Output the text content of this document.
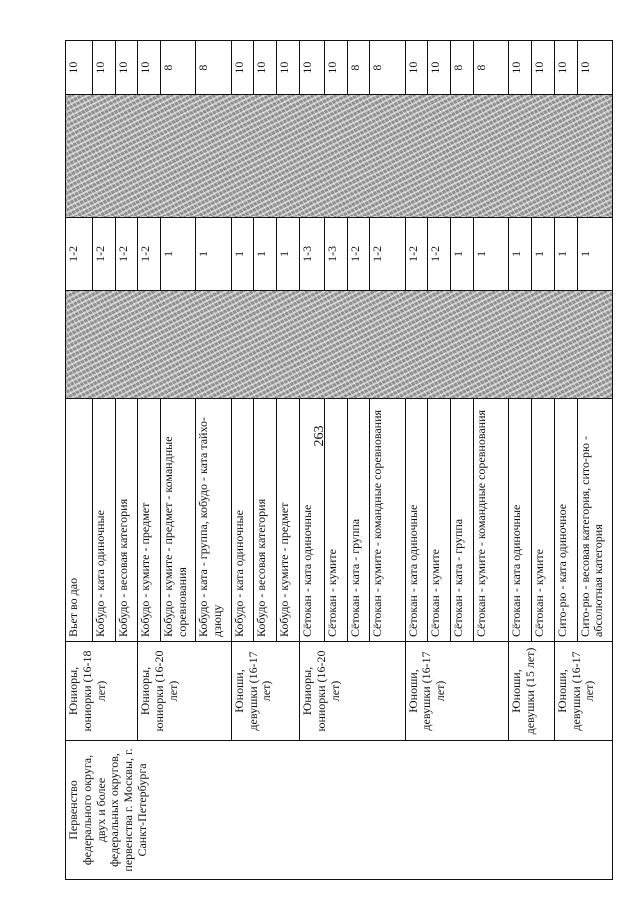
263
Первенство федерального округа, двух и более федеральных округов, первенства г. Москвы, г. Санкт-Петербурга	Юниоры, юниорки (16-18 лет)	Вьет во дао		1-2		10
		Кобудо - ката одиночные		1-2		10
		Кобудо - весовая категория		1-2		10
	Юниоры, юниорки (16-20 лет)	Кобудо - кумите - предмет		1-2		10
		Кобудо - кумите - предмет - командные соревнования		1		8
		Кобудо - ката - группа, кобудо - ката тайхо-дзюцу		1		8
	Юноши, девушки (16-17 лет)	Кобудо - ката одиночные		1		10
		Кобудо - весовая категория		1		10
		Кобудо - кумите - предмет		1		10
	Юниоры, юниорки (16-20 лет)	Сётокан - ката одиночные		1-3		10
		Сётокан - кумите		1-3		10
		Сётокан - ката - группа		1-2		8
		Сётокан - кумите - командные соревнования		1-2		8
	Юноши, девушки (16-17 лет)	Сётокан - ката одиночные		1-2		10
		Сётокан - кумите		1-2		10
		Сётокан - ката - группа		1		8
		Сётокан - кумите - командные соревнования		1		8
	Юноши, девушки (15 лет)	Сётокан - ката одиночные		1		10
		Сётокан - кумите		1		10
	Юноши, девушки (16-17 лет)	Сито-рю - ката одиночное		1		10
		Сито-рю - весовая категория, сито-рю - абсолютная категория		1		10
